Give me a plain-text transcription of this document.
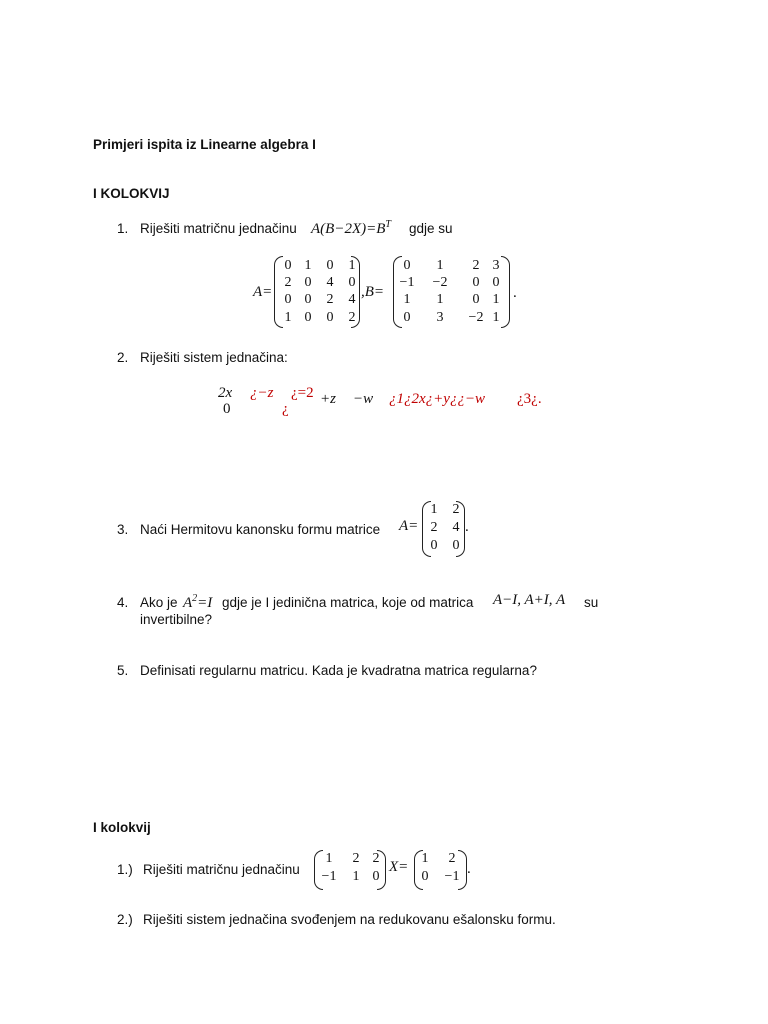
Primjeri ispita iz Linearne algebra I
I KOLOKVIJ
1. Riješiti matričnu jednačinu $A(B-2X)=B^T$ gdje su
A=
0 1	0	1
2 0	4	0
0 0	2	4
1 0	0	2
,B=
0	1	2 3
−1	−2	0 0
1	1	0 1
0	3	−2 1
.
2. Riješiti sistem jednačina:
2x ¿−z ¿=2 +z −w ¿1¿2x¿+y¿¿−w ¿3¿.
0	¿
3. Naći Hermitovu kanonsku formu matrice A=
1	2
2	4
0	0
.
4. Ako je $A^2=I$ gdje je I jedinična matrica, koje od matrica A−I, A+I, A su
invertibilne?
5. Definisati regularnu matricu. Kada je kvadratna matrica regularna?
I kolokvij
1.) Riješiti matričnu jednačinu
1	2 2
−1	1 0
X=
1	2
0	−1 .
2.) Riješiti sistem jednačina svođenjem na redukovanu ešalonsku formu.
